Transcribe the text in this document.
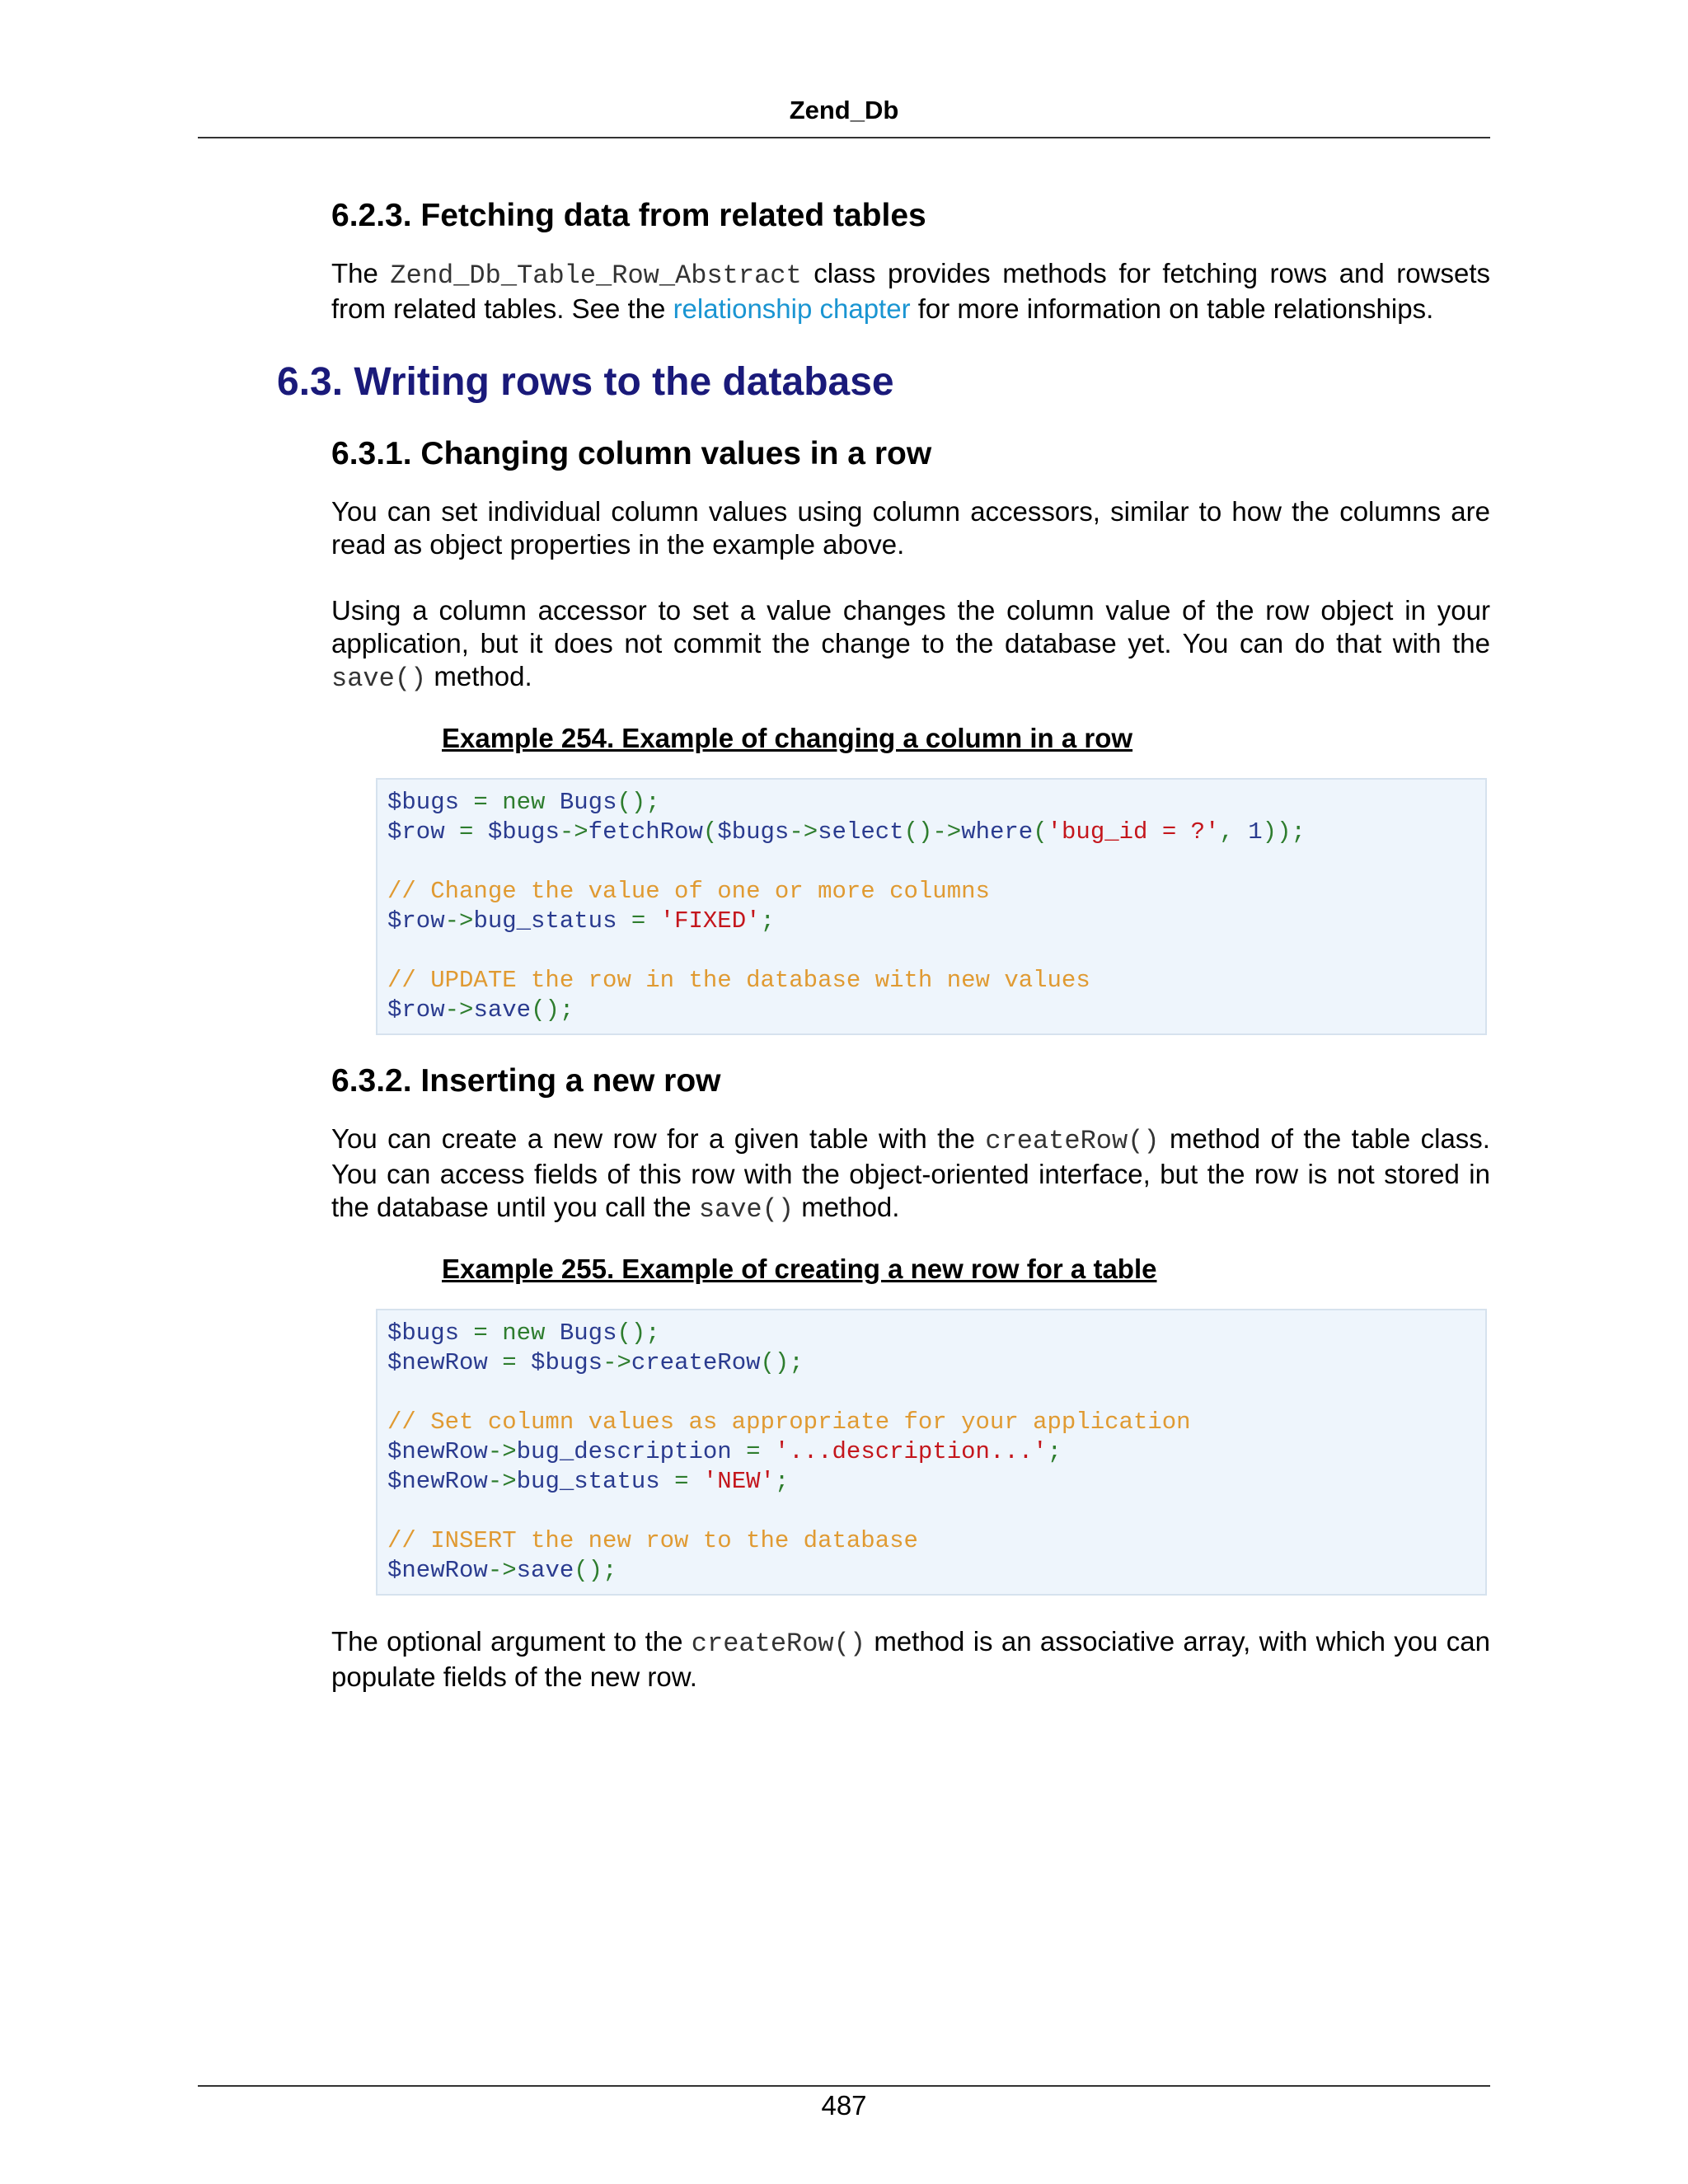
Zend_Db
6.2.3. Fetching data from related tables

The Zend_Db_Table_Row_Abstract class provides methods for fetching rows and rowsets from related tables. See the relationship chapter for more information on table relationships.

6.3. Writing rows to the database
6.3.1. Changing column values in a row

You can set individual column values using column accessors, similar to how the columns are read as object properties in the example above.

Using a column accessor to set a value changes the column value of the row object in your application, but it does not commit the change to the database yet. You can do that with the save() method.

Example 254. Example of changing a column in a row
$bugs = new Bugs();
$row = $bugs->fetchRow($bugs->select()->where('bug_id = ?', 1));

// Change the value of one or more columns
$row->bug_status = 'FIXED';

// UPDATE the row in the database with new values
$row->save();
6.3.2. Inserting a new row

You can create a new row for a given table with the createRow() method of the table class. You can access fields of this row with the object-oriented interface, but the row is not stored in the database until you call the save() method.

Example 255. Example of creating a new row for a table
$bugs = new Bugs();
$newRow = $bugs->createRow();

// Set column values as appropriate for your application
$newRow->bug_description = '...description...';
$newRow->bug_status = 'NEW';

// INSERT the new row to the database
$newRow->save();

The optional argument to the createRow() method is an associative array, with which you can populate fields of the new row.

487
